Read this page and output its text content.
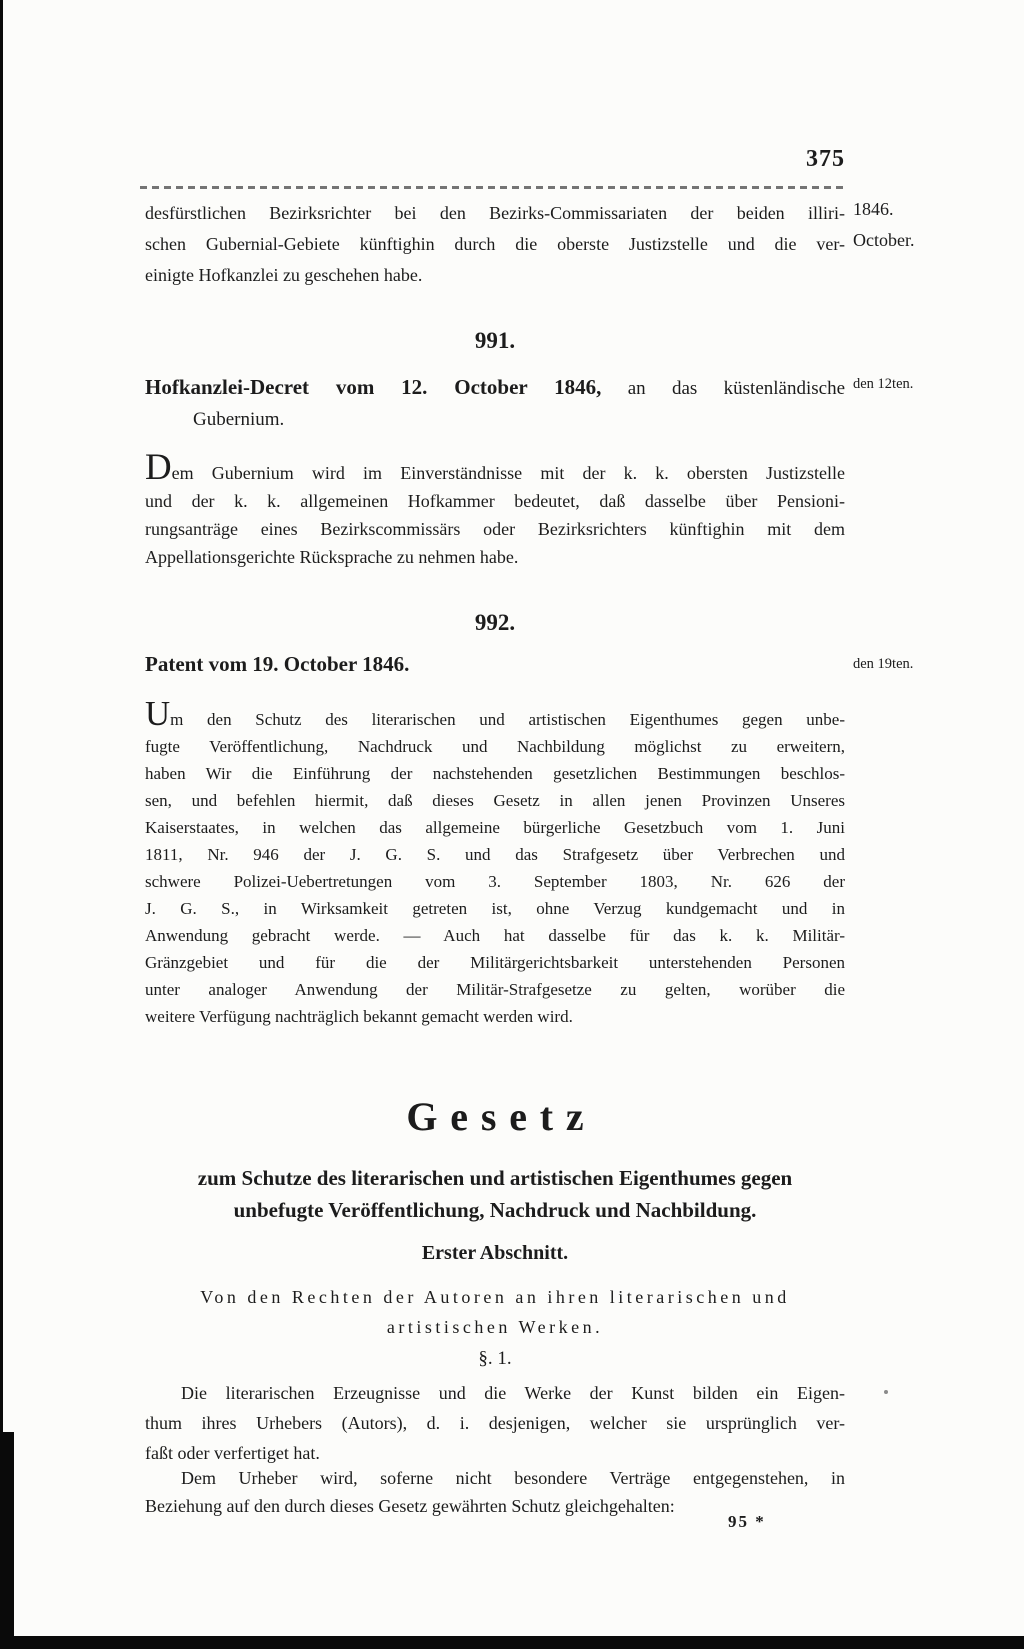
375
desfürstlichen Bezirksrichter bei den Bezirks-Commissariaten der beiden illiri-
schen Gubernial-Gebiete künftighin durch die oberste Justizstelle und die ver-
einigte Hofkanzlei zu geschehen habe.
1846.
October.
991.
Hofkanzlei-Decret vom 12. October 1846, an das küstenländische
Gubernium.
den 12ten.
Dem Gubernium wird im Einverständnisse mit der k. k. obersten Justizstelle
und der k. k. allgemeinen Hofkammer bedeutet, daß dasselbe über Pensioni-
rungsanträge eines Bezirkscommissärs oder Bezirksrichters künftighin mit dem
Appellationsgerichte Rücksprache zu nehmen habe.
992.
Patent vom 19. October 1846.	den 19ten.
Um den Schutz des literarischen und artistischen Eigenthumes gegen unbe-
fugte Veröffentlichung, Nachdruck und Nachbildung möglichst zu erweitern,
haben Wir die Einführung der nachstehenden gesetzlichen Bestimmungen beschlos-
sen, und befehlen hiermit, daß dieses Gesetz in allen jenen Provinzen Unseres
Kaiserstaates, in welchen das allgemeine bürgerliche Gesetzbuch vom 1. Juni
1811, Nr. 946 der J. G. S. und das Strafgesetz über Verbrechen und
schwere Polizei-Uebertretungen vom 3. September 1803, Nr. 626 der
J. G. S., in Wirksamkeit getreten ist, ohne Verzug kundgemacht und in
Anwendung gebracht werde. — Auch hat dasselbe für das k. k. Militär-
Gränzgebiet und für die der Militärgerichtsbarkeit unterstehenden Personen
unter analoger Anwendung der Militär-Strafgesetze zu gelten, worüber die
weitere Verfügung nachträglich bekannt gemacht werden wird.
Gesetz
zum Schutze des literarischen und artistischen Eigenthumes gegen
unbefugte Veröffentlichung, Nachdruck und Nachbildung.
Erster Abschnitt.
Von den Rechten der Autoren an ihren literarischen und
artistischen Werken.
§. 1.
Die literarischen Erzeugnisse und die Werke der Kunst bilden ein Eigen-
thum ihres Urhebers (Autors), d. i. desjenigen, welcher sie ursprünglich ver-
faßt oder verfertiget hat.
Dem Urheber wird, soferne nicht besondere Verträge entgegenstehen, in
Beziehung auf den durch dieses Gesetz gewährten Schutz gleichgehalten:
95 *
